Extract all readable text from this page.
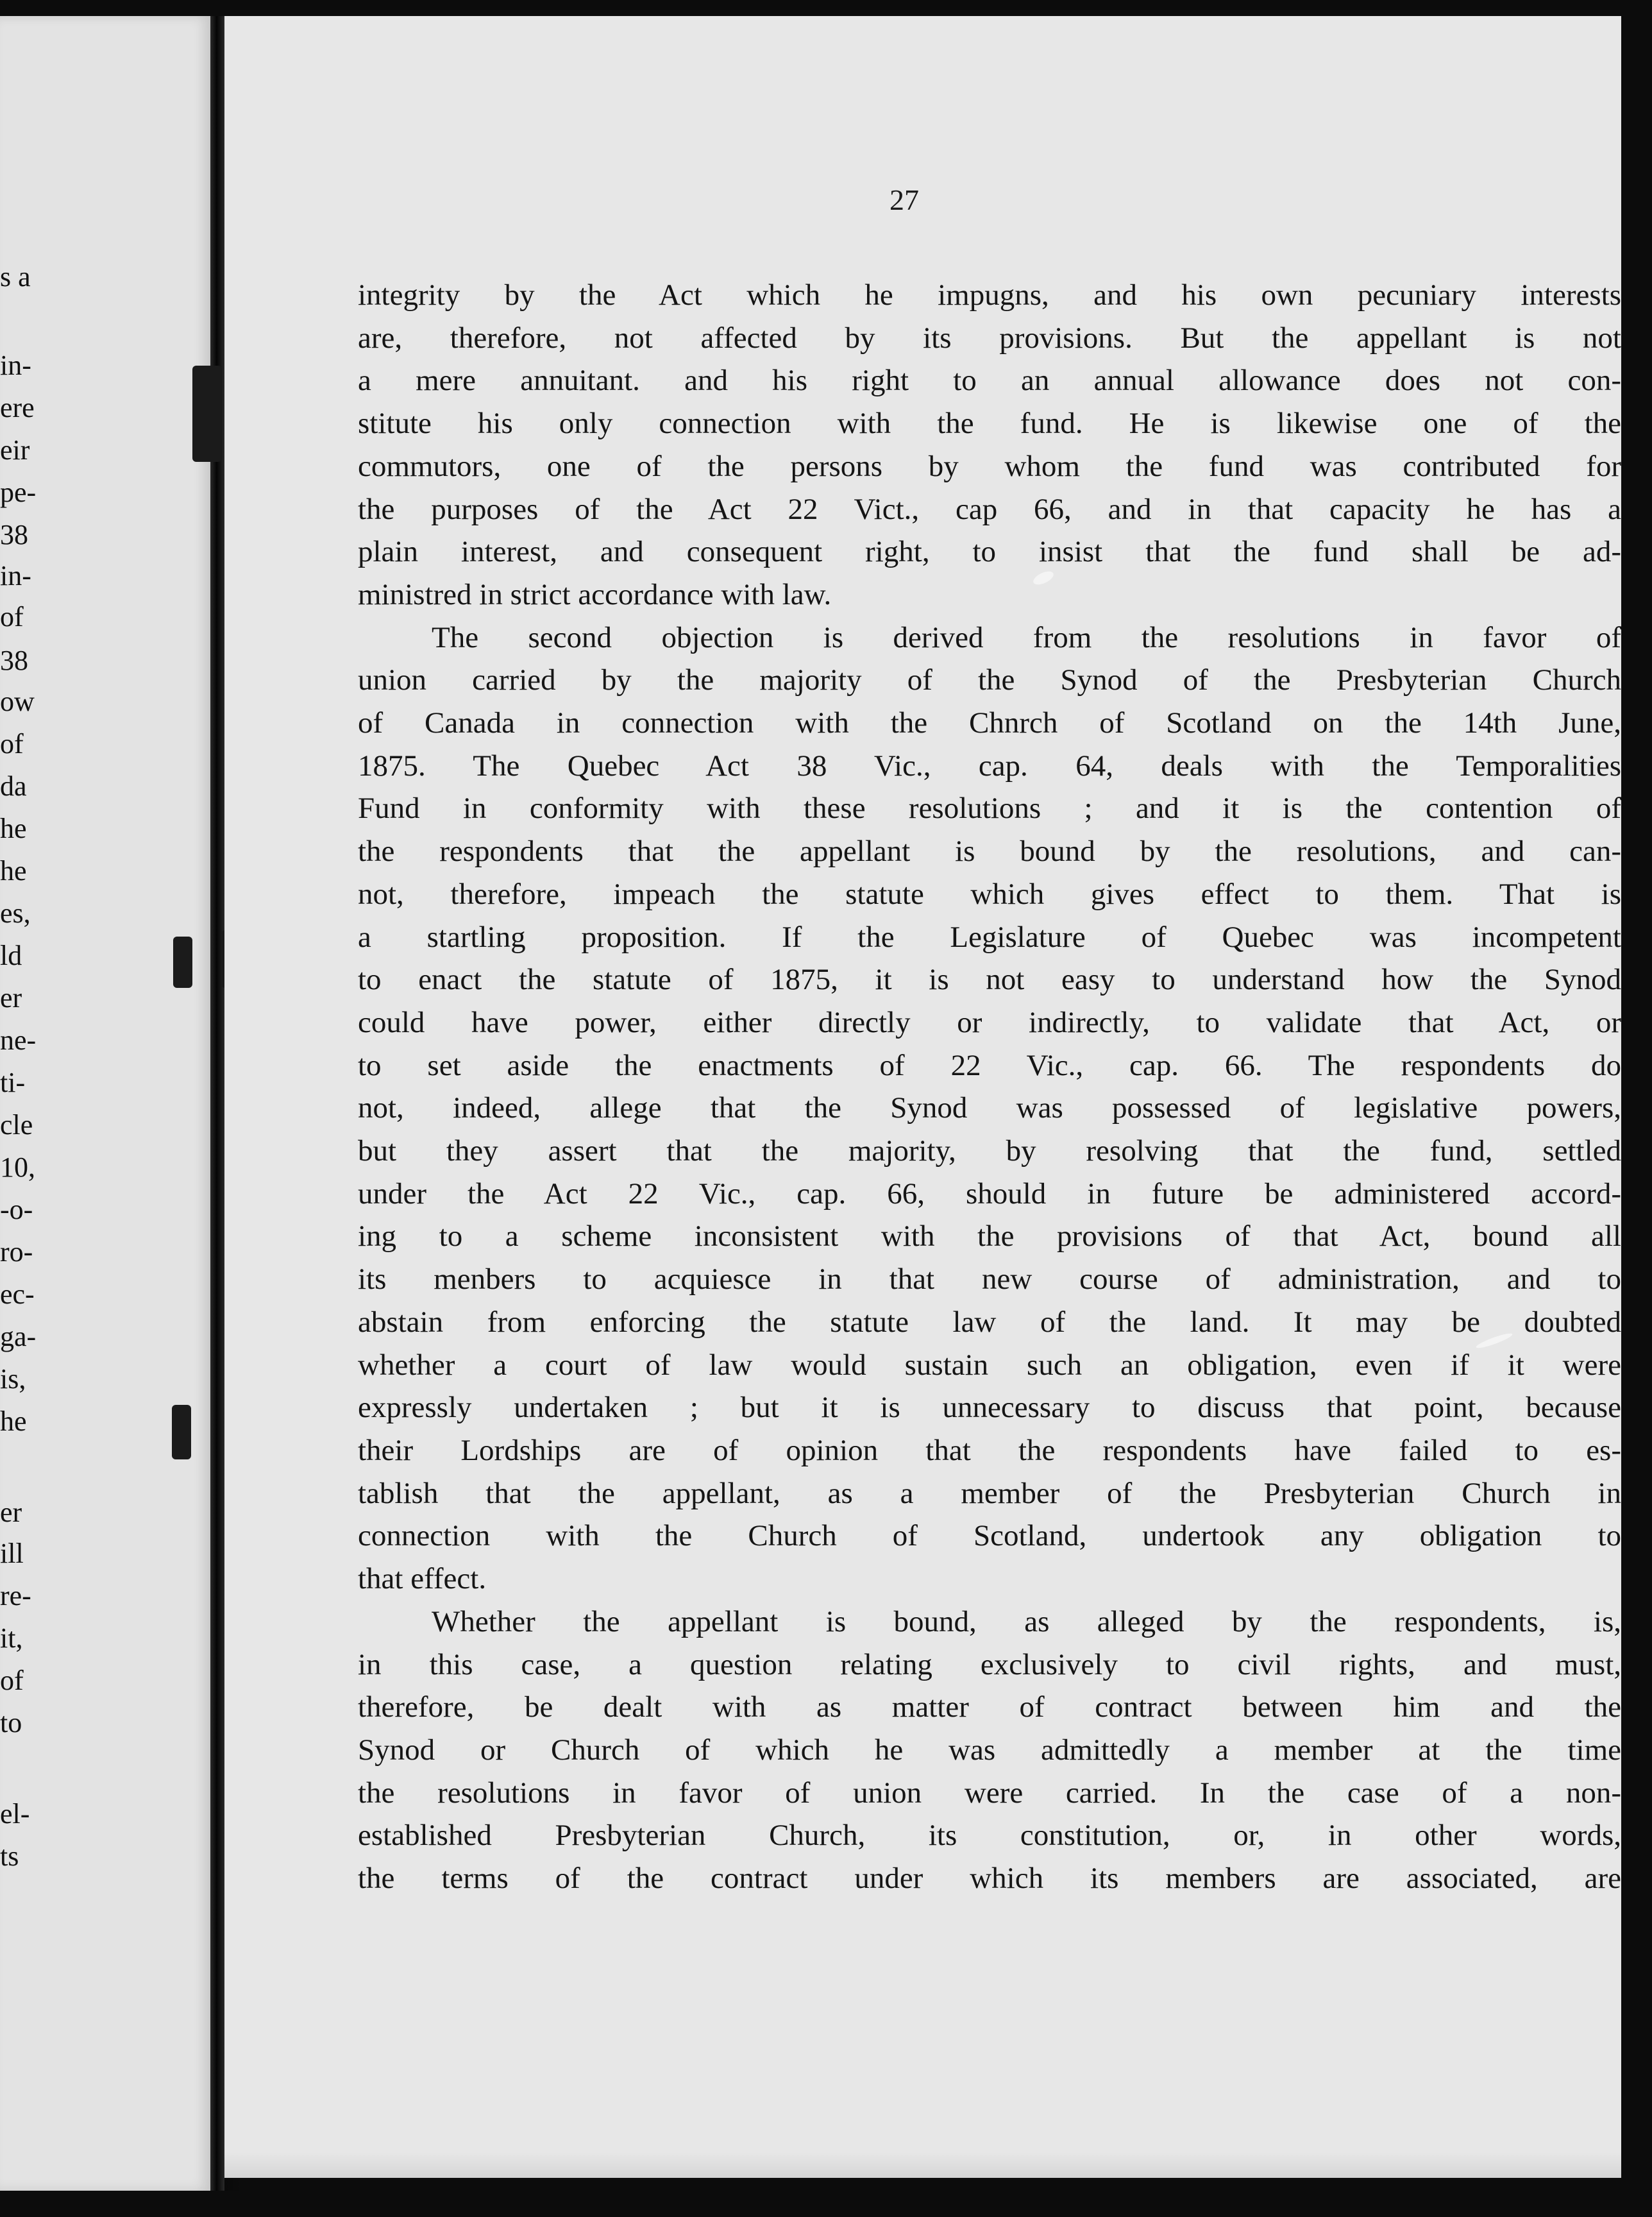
s a
in-
ere
eir
pe-
38
in-
of
38
ow
of
da
he
he
es,
ld
er
ne-
ti-
cle
10,
-o-
ro-
ec-
ga-
is,
he
er
ill
re-
it,
of
to
el-
ts
27

integrity by the Act which he impugns, and his own pecuniary interests

are, therefore, not affected by its provisions. But the appellant is not

a mere annuitant. and his right to an annual allowance does not con-

stitute his only connection with the fund. He is likewise one of the

commutors, one of the persons by whom the fund was contributed for

the purposes of the Act 22 Vict., cap 66, and in that capacity he has a

plain interest, and consequent right, to insist that the fund shall be ad-

ministred in strict accordance with law.

The second objection is derived from the resolutions in favor of

union carried by the majority of the Synod of the Presbyterian Church

of Canada in connection with the Chnrch of Scotland on the 14th June,

1875. The Quebec Act 38 Vic., cap. 64, deals with the Temporalities

Fund in conformity with these resolutions ; and it is the contention of

the respondents that the appellant is bound by the resolutions, and can-

not, therefore, impeach the statute which gives effect to them. That is

a startling proposition. If the Legislature of Quebec was incompetent

to enact the statute of 1875, it is not easy to understand how the Synod

could have power, either directly or indirectly, to validate that Act, or

to set aside the enactments of 22 Vic., cap. 66. The respondents do

not, indeed, allege that the Synod was possessed of legislative powers,

but they assert that the majority, by resolving that the fund, settled

under the Act 22 Vic., cap. 66, should in future be administered accord-

ing to a scheme inconsistent with the provisions of that Act, bound all

its menbers to acquiesce in that new course of administration, and to

abstain from enforcing the statute law of the land. It may be doubted

whether a court of law would sustain such an obligation, even if it were

expressly undertaken ; but it is unnecessary to discuss that point, because

their Lordships are of opinion that the respondents have failed to es-

tablish that the appellant, as a member of the Presbyterian Church in

connection with the Church of Scotland, undertook any obligation to

that effect.

Whether the appellant is bound, as alleged by the respondents, is,

in this case, a question relating exclusively to civil rights, and must,

therefore, be dealt with as matter of contract between him and the

Synod or Church of which he was admittedly a member at the time

the resolutions in favor of union were carried. In the case of a non-

established Presbyterian Church, its constitution, or, in other words,

the terms of the contract under which its members are associated, are
